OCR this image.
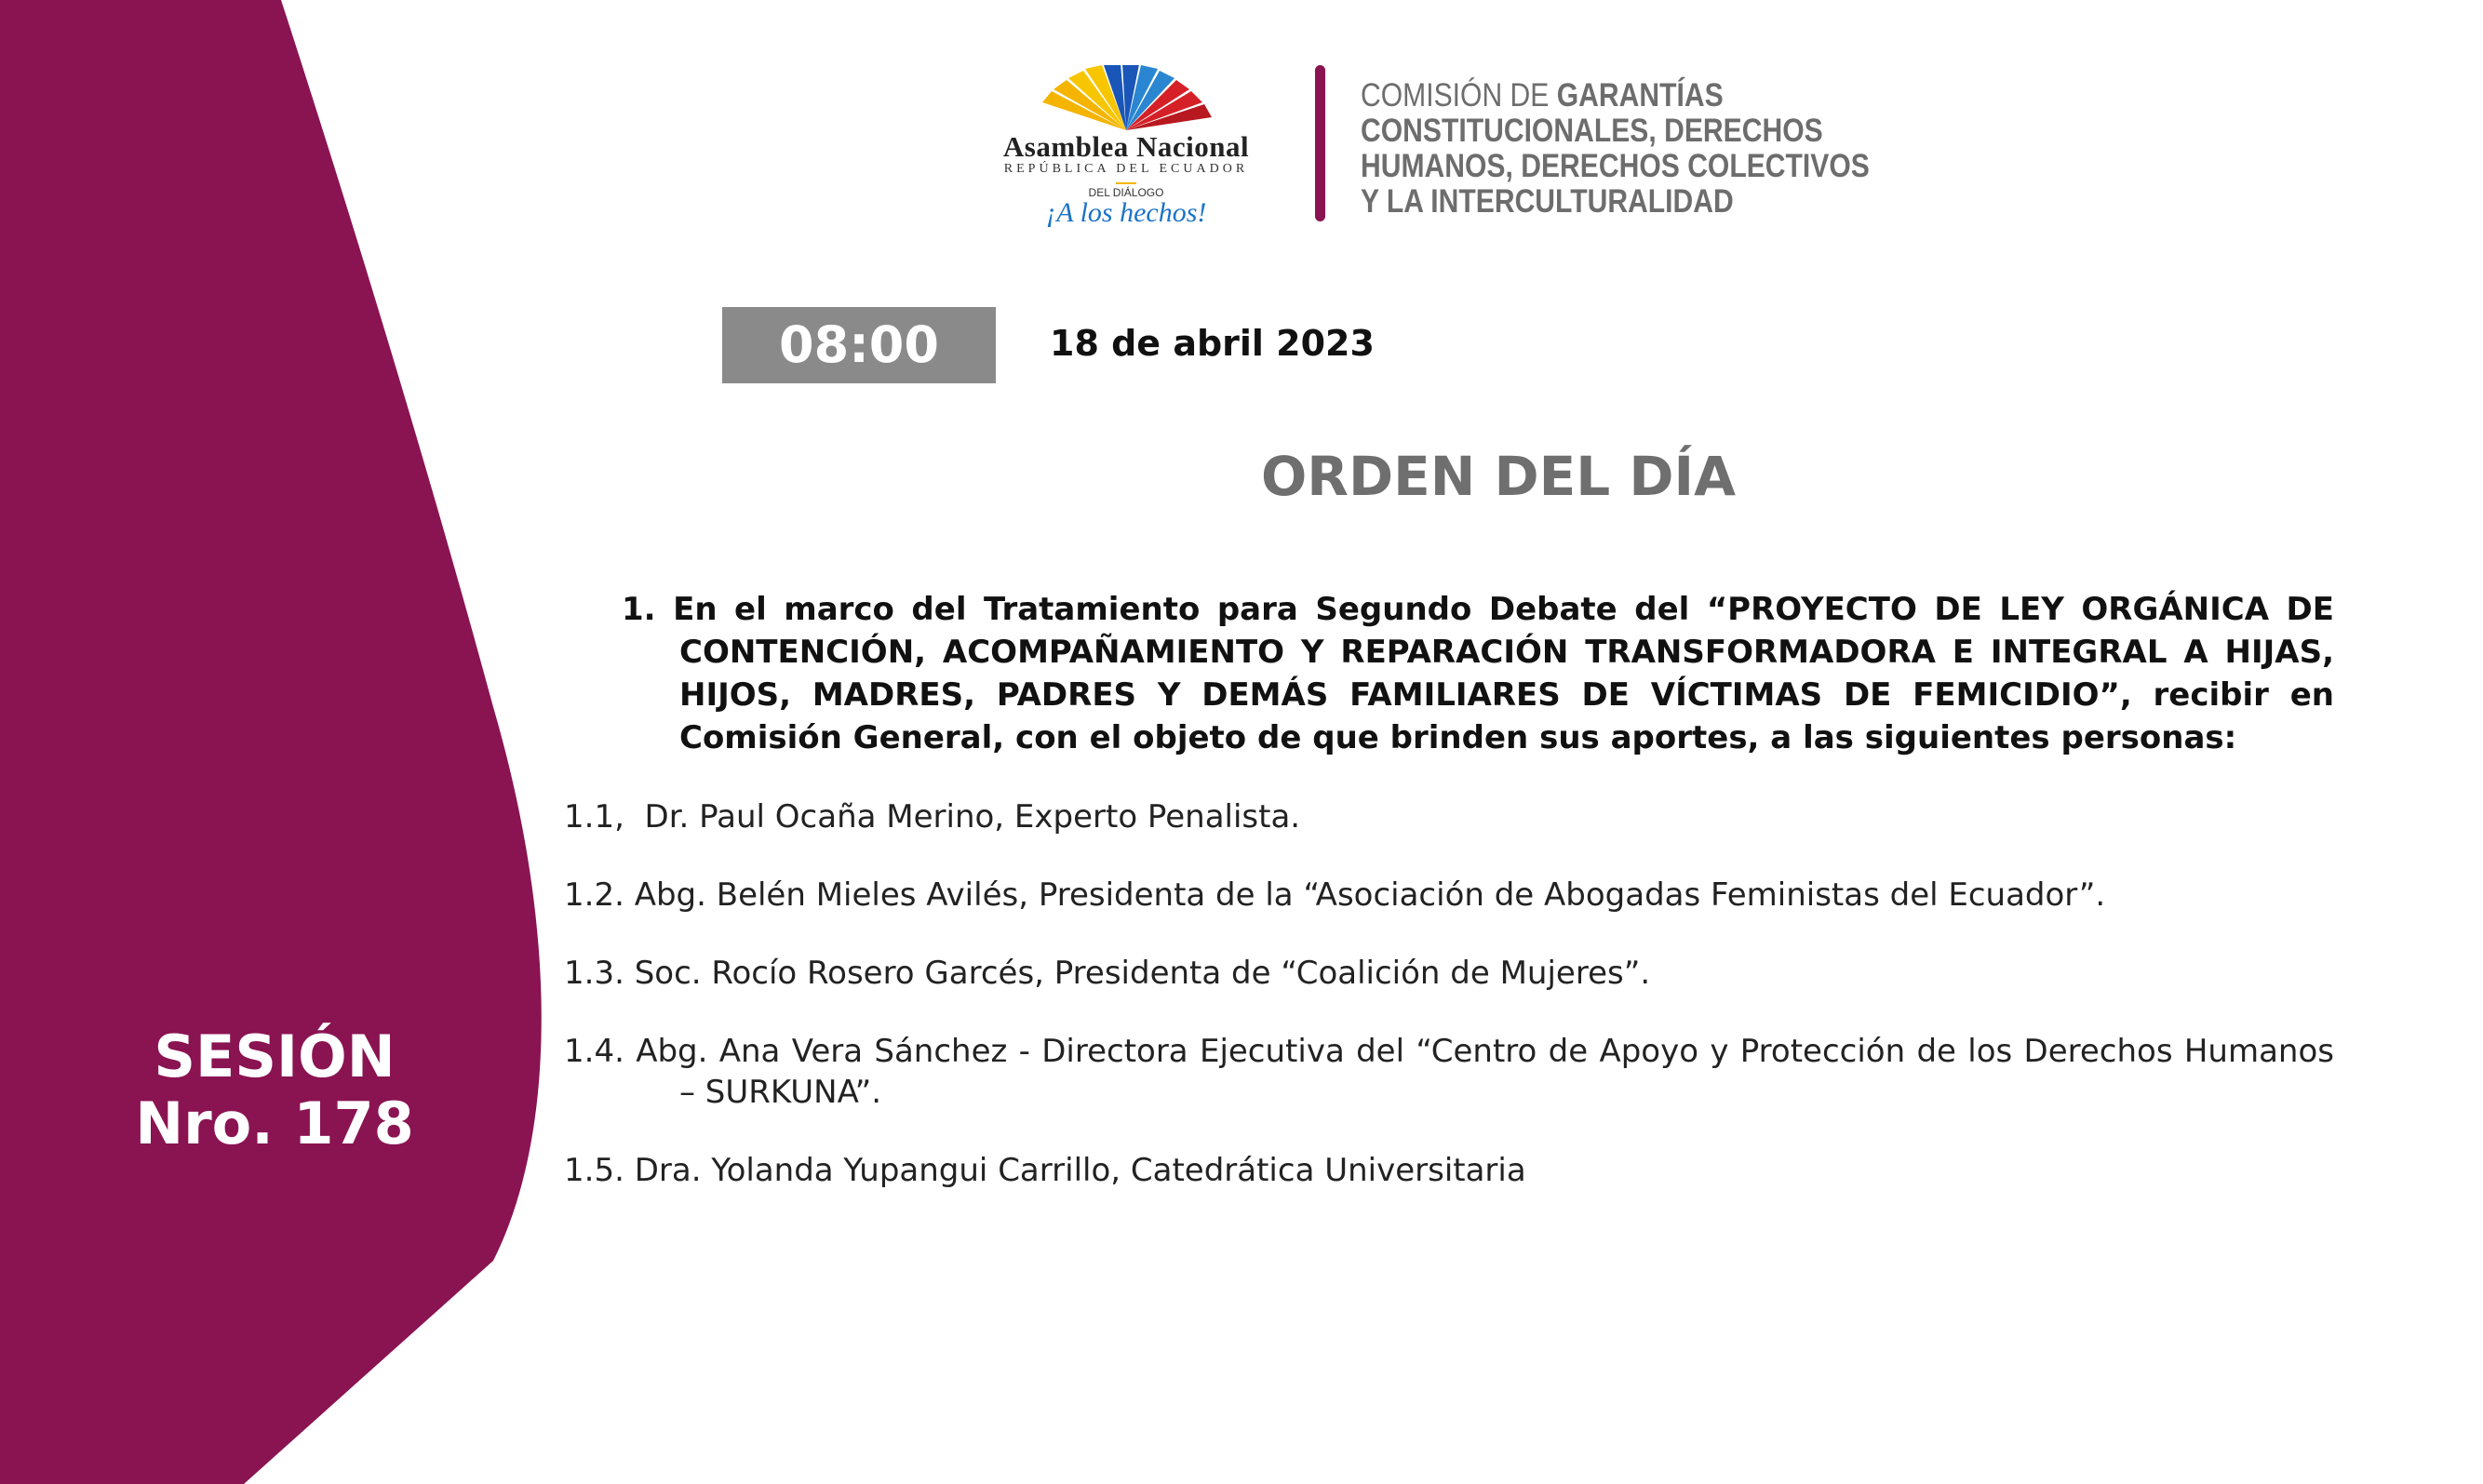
SESIÓN
Nro. 178
Asamblea Nacional
REPÚBLICA DEL ECUADOR
DEL DIÁLOGO
¡A los hechos!
COMISIÓN DE GARANTÍAS
CONSTITUCIONALES, DERECHOS
HUMANOS, DERECHOS COLECTIVOS
Y LA INTERCULTURALIDAD
08:00	18 de abril 2023
ORDEN DEL DÍA
1. En el marco del Tratamiento para Segundo Debate del “PROYECTO DE LEY ORGÁNICA DE CONTENCIÓN, ACOMPAÑAMIENTO Y REPARACIÓN TRANSFORMADORA E INTEGRAL A HIJAS, HIJOS, MADRES, PADRES Y DEMÁS FAMILIARES DE VÍCTIMAS DE FEMICIDIO”, recibir en Comisión General, con el objeto de que brinden sus aportes, a las siguientes personas:
1.1, Dr. Paul Ocaña Merino, Experto Penalista.
1.2. Abg. Belén Mieles Avilés, Presidenta de la “Asociación de Abogadas Feministas del Ecuador”.
1.3. Soc. Rocío Rosero Garcés, Presidenta de “Coalición de Mujeres”.
1.4. Abg. Ana Vera Sánchez - Directora Ejecutiva del “Centro de Apoyo y Protección de los Derechos Humanos – SURKUNA”.
1.5. Dra. Yolanda Yupangui Carrillo, Catedrática Universitaria
